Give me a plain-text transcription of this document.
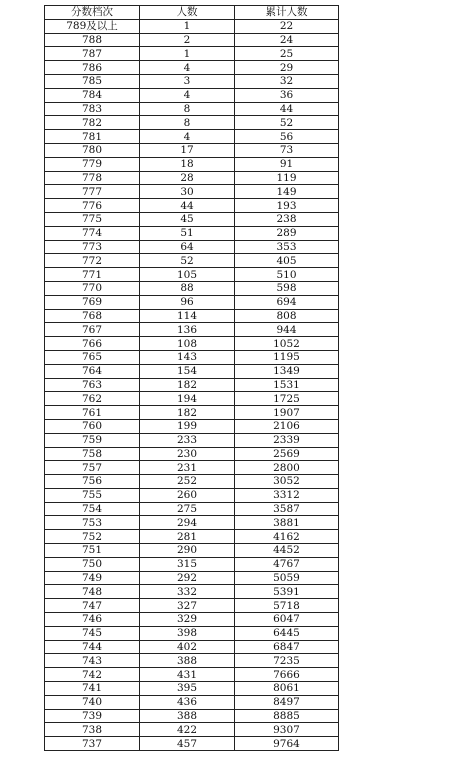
分数档次	人数	累计人数
789及以上	1	22
788	2	24
787	1	25
786	4	29
785	3	32
784	4	36
783	8	44
782	8	52
781	4	56
780	17	73
779	18	91
778	28	119
777	30	149
776	44	193
775	45	238
774	51	289
773	64	353
772	52	405
771	105	510
770	88	598
769	96	694
768	114	808
767	136	944
766	108	1052
765	143	1195
764	154	1349
763	182	1531
762	194	1725
761	182	1907
760	199	2106
759	233	2339
758	230	2569
757	231	2800
756	252	3052
755	260	3312
754	275	3587
753	294	3881
752	281	4162
751	290	4452
750	315	4767
749	292	5059
748	332	5391
747	327	5718
746	329	6047
745	398	6445
744	402	6847
743	388	7235
742	431	7666
741	395	8061
740	436	8497
739	388	8885
738	422	9307
737	457	9764
